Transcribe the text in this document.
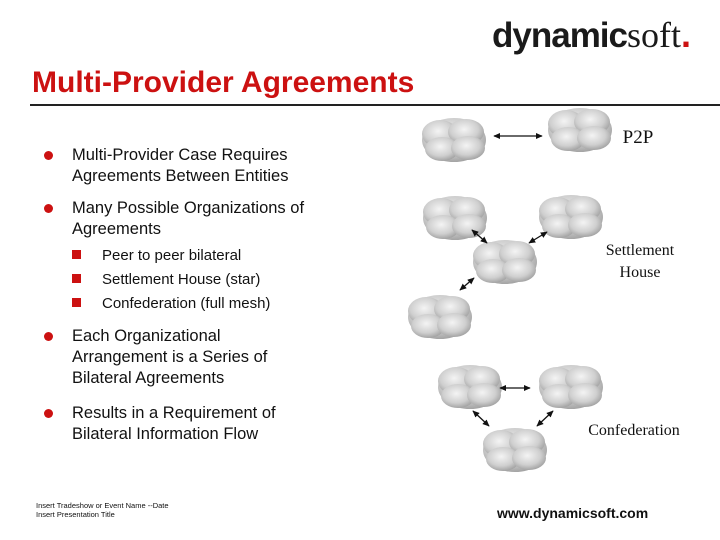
dynamicsoft.
Multi-Provider Agreements
Multi-Provider Case Requires
Agreements Between Entities
Many Possible Organizations of
Agreements
Peer to peer bilateral
Settlement House (star)
Confederation (full mesh)
Each Organizational
Arrangement is a Series of
Bilateral Agreements
Results in a Requirement of
Bilateral Information Flow
P2P
Settlement
House
Confederation
Insert Tradeshow or Event Name --Date
Insert Presentation Title	www.dynamicsoft.com
